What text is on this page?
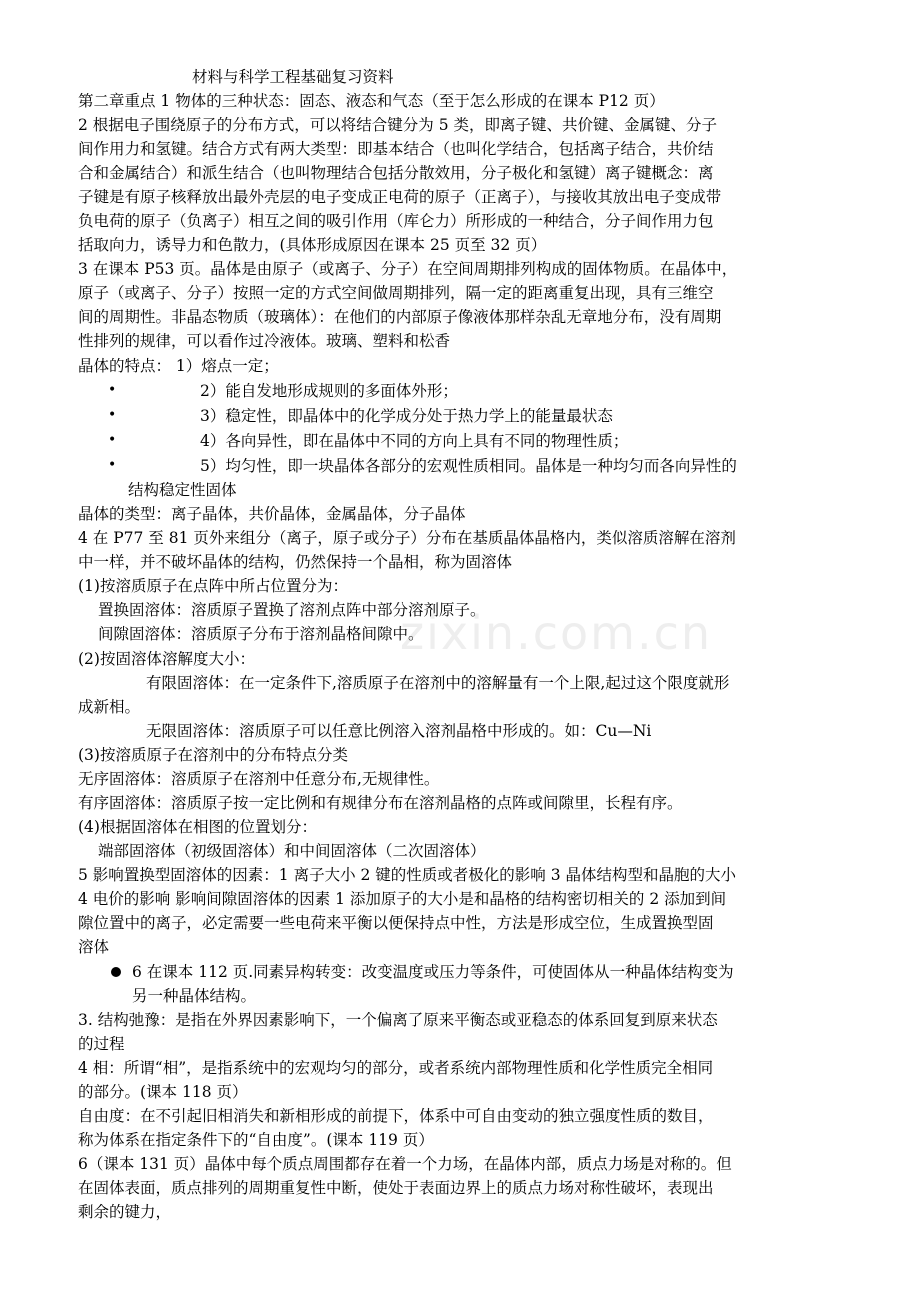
材料与科学工程基础复习资料
第二章重点 1 物体的三种状态：固态、液态和气态（至于怎么形成的在课本 P12 页）
2 根据电子围绕原子的分布方式，可以将结合键分为 5 类，即离子键、共价键、金属键、分子
间作用力和氢键。结合方式有两大类型：即基本结合（也叫化学结合，包括离子结合，共价结
合和金属结合）和派生结合（也叫物理结合包括分散效用，分子极化和氢键）离子键概念：离
子键是有原子核释放出最外壳层的电子变成正电荷的原子（正离子），与接收其放出电子变成带
负电荷的原子（负离子）相互之间的吸引作用（库仑力）所形成的一种结合，分子间作用力包
括取向力，诱导力和色散力，(具体形成原因在课本 25 页至 32 页）
3 在课本 P53 页。晶体是由原子（或离子、分子）在空间周期排列构成的固体物质。在晶体中，
原子（或离子、分子）按照一定的方式空间做周期排列，隔一定的距离重复出现，具有三维空
间的周期性。非晶态物质（玻璃体）：在他们的内部原子像液体那样杂乱无章地分布，没有周期
性排列的规律，可以看作过冷液体。玻璃、塑料和松香
晶体的特点： 1）熔点一定；
•	2）能自发地形成规则的多面体外形；
•	3）稳定性，即晶体中的化学成分处于热力学上的能量最状态
•	4）各向异性，即在晶体中不同的方向上具有不同的物理性质；
•	5）均匀性，即一块晶体各部分的宏观性质相同。晶体是一种均匀而各向异性的
结构稳定性固体
晶体的类型：离子晶体，共价晶体，金属晶体，分子晶体
4 在 P77 至 81 页外来组分（离子，原子或分子）分布在基质晶体晶格内，类似溶质溶解在溶剂
中一样，并不破坏晶体的结构，仍然保持一个晶相，称为固溶体
(1)按溶质原子在点阵中所占位置分为：
置换固溶体：溶质原子置换了溶剂点阵中部分溶剂原子。
间隙固溶体：溶质原子分布于溶剂晶格间隙中。
(2)按固溶体溶解度大小：
有限固溶体：在一定条件下,溶质原子在溶剂中的溶解量有一个上限,起过这个限度就形
成新相。
无限固溶体：溶质原子可以任意比例溶入溶剂晶格中形成的。如：Cu—Ni
(3)按溶质原子在溶剂中的分布特点分类
无序固溶体：溶质原子在溶剂中任意分布,无规律性。
有序固溶体：溶质原子按一定比例和有规律分布在溶剂晶格的点阵或间隙里，长程有序。
(4)根据固溶体在相图的位置划分：
端部固溶体（初级固溶体）和中间固溶体（二次固溶体）
5 影响置换型固溶体的因素：1 离子大小 2 键的性质或者极化的影响 3 晶体结构型和晶胞的大小
4 电价的影响 影响间隙固溶体的因素 1 添加原子的大小是和晶格的结构密切相关的 2 添加到间
隙位置中的离子，必定需要一些电荷来平衡以便保持点中性，方法是形成空位，生成置换型固
溶体
6 在课本 112 页.同素异构转变：改变温度或压力等条件，可使固体从一种晶体结构变为
另一种晶体结构。
3. 结构弛豫：是指在外界因素影响下，一个偏离了原来平衡态或亚稳态的体系回复到原来状态
的过程
4 相：所谓“相”，是指系统中的宏观均匀的部分，或者系统内部物理性质和化学性质完全相同
的部分。(课本 118 页）
自由度：在不引起旧相消失和新相形成的前提下，体系中可自由变动的独立强度性质的数目，
称为体系在指定条件下的“自由度”。(课本 119 页）
6（课本 131 页）晶体中每个质点周围都存在着一个力场，在晶体内部，质点力场是对称的。但
在固体表面，质点排列的周期重复性中断，使处于表面边界上的质点力场对称性破坏，表现出
剩余的键力，
zixin.com.cn
